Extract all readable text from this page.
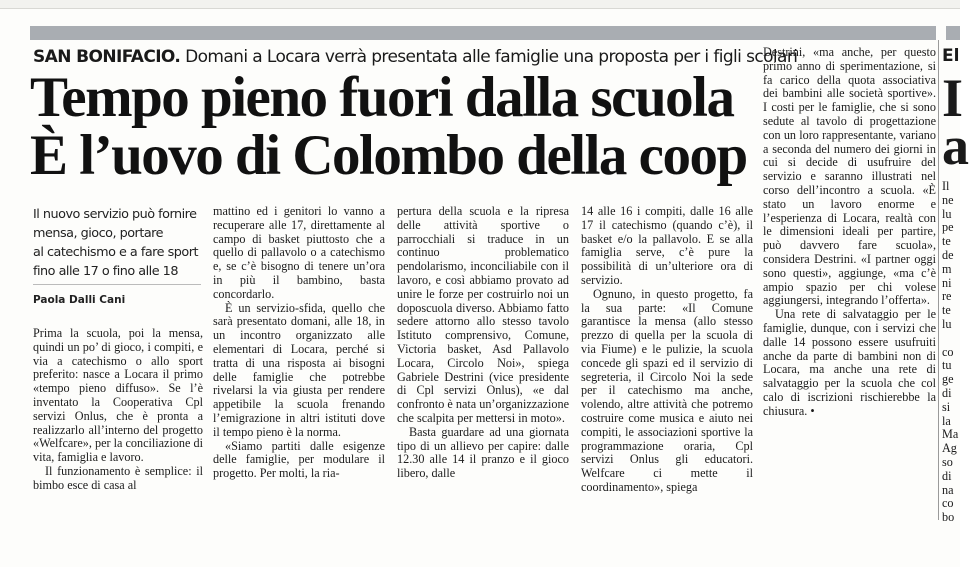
SAN BONIFACIO. Domani a Locara verrà presentata alle famiglie una proposta per i figli scolari
Tempo pieno fuori dalla scuola
È l’uovo di Colombo della coop
Il nuovo servizio può fornire
mensa, gioco, portare
al catechismo e a fare sport
fino alle 17 o fino alle 18
Paola Dalli Cani

Prima la scuola, poi la mensa, quindi un po’ di gioco, i compiti, e via a catechismo o allo sport preferito: nasce a Locara il primo «tempo pieno diffuso». Se l’è inventato la Cooperativa Cpl servizi Onlus, che è pronta a realizzarlo all’interno del progetto «Welfcare», per la conciliazione di vita, famiglia e lavoro.

Il funzionamento è semplice: il bimbo esce di casa al

mattino ed i genitori lo vanno a recuperare alle 17, direttamente al campo di basket piuttosto che a quello di pallavolo o a catechismo e, se c’è bisogno di tenere un’ora in più il bambino, basta concordarlo.

È un servizio-sfida, quello che sarà presentato domani, alle 18, in un incontro organizzato alle elementari di Locara, perché si tratta di una risposta ai bisogni delle famiglie che potrebbe rivelarsi la via giusta per rendere appetibile la scuola frenando l’emigrazione in altri istituti dove il tempo pieno è la norma.

«Siamo partiti dalle esigenze delle famiglie, per modulare il progetto. Per molti, la ria-

pertura della scuola e la ripresa delle attività sportive o parrocchiali si traduce in un continuo problematico pendolarismo, inconciliabile con il lavoro, e così abbiamo provato ad unire le forze per costruirlo noi un doposcuola diverso. Abbiamo fatto sedere attorno allo stesso tavolo Istituto comprensivo, Comune, Victoria basket, Asd Pallavolo Locara, Circolo Noi», spiega Gabriele Destrini (vice presidente di Cpl servizi Onlus), «e dal confronto è nata un’organizzazione che scalpita per mettersi in moto».

Basta guardare ad una giornata tipo di un allievo per capire: dalle 12.30 alle 14 il pranzo e il gioco libero, dalle

14 alle 16 i compiti, dalle 16 alle 17 il catechismo (quando c’è), il basket e/o la pallavolo. E se alla famiglia serve, c’è pure la possibilità di un’ulteriore ora di servizio.

Ognuno, in questo progetto, fa la sua parte: «Il Comune garantisce la mensa (allo stesso prezzo di quella per la scuola di via Fiume) e le pulizie, la scuola concede gli spazi ed il servizio di segreteria, il Circolo Noi la sede per il catechismo ma anche, volendo, altre attività che potremo costruire come musica e aiuto nei compiti, le associazioni sportive la programmazione oraria, Cpl servizi Onlus gli educatori. Welfcare ci mette il coordinamento», spiega

Destrini, «ma anche, per questo primo anno di sperimentazione, si fa carico della quota associativa dei bambini alle società sportive». I costi per le famiglie, che si sono sedute al tavolo di progettazione con un loro rappresentante, variano a seconda del numero dei giorni in cui si decide di usufruire del servizio e saranno illustrati nel corso dell’incontro a scuola. «È stato un lavoro enorme e l’esperienza di Locara, realtà con le dimensioni ideali per partire, può davvero fare scuola», considera Destrini. «I partner oggi sono questi», aggiunge, «ma c’è ampio spazio per chi volese aggiungersi, integrando l’offerta».

Una rete di salvataggio per le famiglie, dunque, con i servizi che dalle 14 possono essere usufruiti anche da parte di bambini non di Locara, ma anche una rete di salvataggio per la scuola che col calo di iscrizioni rischierebbe la chiusura. •

El
I
a
Il
ne
lu
pe
te
de
m
ni
re
te
lu

co
tu
ge
di
si
la
Ma
Ag
so
di
na
co
bo
